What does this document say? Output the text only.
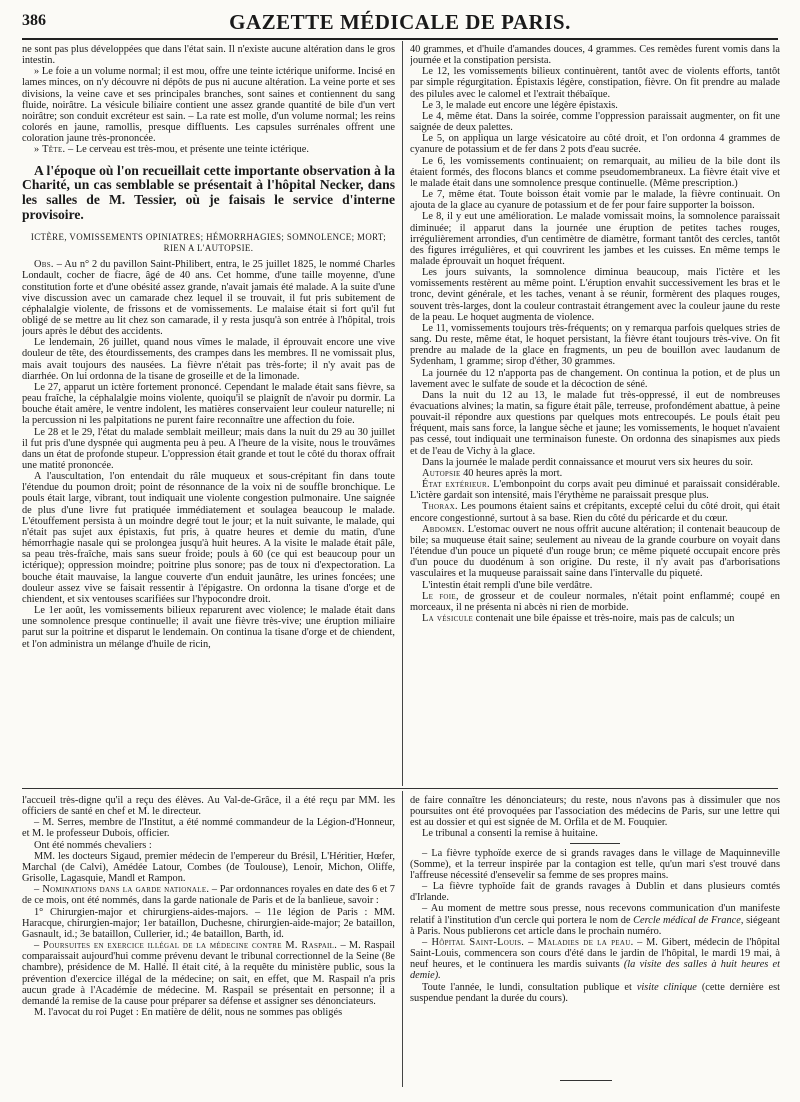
386	GAZETTE MÉDICALE DE PARIS.

ne sont pas plus développées que dans l'état sain. Il n'existe aucune altération dans le gros intestin.

» Le foie a un volume normal; il est mou, offre une teinte ictérique uniforme. Incisé en lames minces, on n'y découvre ni dépôts de pus ni aucune altération. La veine porte et ses divisions, la veine cave et ses principales branches, sont saines et contiennent du sang fluide, noirâtre. La vésicule biliaire contient une assez grande quantité de bile d'un vert noirâtre; son conduit excréteur est sain. – La rate est molle, d'un volume normal; les reins colorés en jaune, ramollis, presque diffluents. Les capsules surrénales offrent une coloration jaune très-prononcée.

» Tête. – Le cerveau est très-mou, et présente une teinte ictérique.

A l'époque où l'on recueillait cette importante observation à la Charité, un cas semblable se présentait à l'hôpital Necker, dans les salles de M. Tessier, où je faisais le service d'interne provisoire.

ICTÈRE, VOMISSEMENTS OPINIATRES; HÉMORRHAGIES; SOMNOLENCE; MORT; RIEN A L'AUTOPSIE.

Obs. – Au n° 2 du pavillon Saint-Philibert, entra, le 25 juillet 1825, le nommé Charles Londault, cocher de fiacre, âgé de 40 ans. Cet homme, d'une taille moyenne, d'une constitution forte et d'une obésité assez grande, n'avait jamais été malade. A la suite d'une vive discussion avec un camarade chez lequel il se trouvait, il fut pris subitement de céphalalgie violente, de frissons et de vomissements. Le malaise était si fort qu'il fut obligé de se mettre au lit chez son camarade, il y resta jusqu'à son entrée à l'hôpital, trois jours après le début des accidents.

Le lendemain, 26 juillet, quand nous vîmes le malade, il éprouvait encore une vive douleur de tête, des étourdissements, des crampes dans les membres. Il ne vomissait plus, mais avait toujours des nausées. La fièvre n'était pas très-forte; il n'y avait pas de diarrhée. On lui ordonna de la tisane de groseille et de la limonade.

Le 27, apparut un ictère fortement prononcé. Cependant le malade était sans fièvre, sa peau fraîche, la céphalalgie moins violente, quoiqu'il se plaignît de n'avoir pu dormir. La bouche était amère, le ventre indolent, les matières conservaient leur couleur naturelle; ni la percussion ni les palpitations ne purent faire reconnaître une affection du foie.

Le 28 et le 29, l'état du malade semblait meilleur; mais dans la nuit du 29 au 30 juillet il fut pris d'une dyspnée qui augmenta peu à peu. A l'heure de la visite, nous le trouvâmes dans un état de profonde stupeur. L'oppression était grande et tout le côté du thorax offrait une matité prononcée.

A l'auscultation, l'on entendait du râle muqueux et sous-crépitant fin dans toute l'étendue du poumon droit; point de résonnance de la voix ni de souffle bronchique. Le pouls était large, vibrant, tout indiquait une violente congestion pulmonaire. Une saignée de plus d'une livre fut pratiquée immédiatement et soulagea beaucoup le malade. L'étouffement persista à un moindre degré tout le jour; et la nuit suivante, le malade, qui n'était pas sujet aux épistaxis, fut pris, à quatre heures et demie du matin, d'une hémorrhagie nasale qui se prolongea jusqu'à huit heures. A la visite le malade était pâle, sa peau très-fraîche, mais sans sueur froide; pouls à 60 (ce qui est beaucoup pour un ictérique); oppression moindre; poitrine plus sonore; pas de toux ni d'expectoration. La bouche était mauvaise, la langue couverte d'un enduit jaunâtre, les urines foncées; une douleur assez vive se faisait ressentir à l'épigastre. On ordonna la tisane d'orge et de chiendent, et six ventouses scarifiées sur l'hypocondre droit.

Le 1er août, les vomissements bilieux reparurent avec violence; le malade était dans une somnolence presque continuelle; il avait une fièvre très-vive; une éruption miliaire parut sur la poitrine et disparut le lendemain. On continua la tisane d'orge et de chiendent, et l'on administra un mélange d'huile de ricin,

40 grammes, et d'huile d'amandes douces, 4 grammes. Ces remèdes furent vomis dans la journée et la constipation persista.

Le 12, les vomissements bilieux continuèrent, tantôt avec de violents efforts, tantôt par simple régurgitation. Épistaxis légère, constipation, fièvre. On fit prendre au malade des pilules avec le calomel et l'extrait thébaïque.

Le 3, le malade eut encore une légère épistaxis.

Le 4, même état. Dans la soirée, comme l'oppression paraissait augmenter, on fit une saignée de deux palettes.

Le 5, on appliqua un large vésicatoire au côté droit, et l'on ordonna 4 grammes de cyanure de potassium et de fer dans 2 pots d'eau sucrée.

Le 6, les vomissements continuaient; on remarquait, au milieu de la bile dont ils étaient formés, des flocons blancs et comme pseudomembraneux. La fièvre était vive et le malade était dans une somnolence presque continuelle. (Même prescription.)

Le 7, même état. Toute boisson était vomie par le malade, la fièvre continuait. On ajouta de la glace au cyanure de potassium et de fer pour faire supporter la boisson.

Le 8, il y eut une amélioration. Le malade vomissait moins, la somnolence paraissait diminuée; il apparut dans la journée une éruption de petites taches rouges, irrégulièrement arrondies, d'un centimètre de diamètre, formant tantôt des cercles, tantôt des figures irrégulières, et qui couvrirent les jambes et les cuisses. En même temps le malade éprouvait un hoquet fréquent.

Les jours suivants, la somnolence diminua beaucoup, mais l'ictère et les vomissements restèrent au même point. L'éruption envahit successivement les bras et le tronc, devint générale, et les taches, venant à se réunir, formèrent des plaques rouges, souvent très-larges, dont la couleur contrastait étrangement avec la couleur jaune du reste de la peau. Le hoquet augmenta de violence.

Le 11, vomissements toujours très-fréquents; on y remarqua parfois quelques stries de sang. Du reste, même état, le hoquet persistant, la fièvre étant toujours très-vive. On fit prendre au malade de la glace en fragments, un peu de bouillon avec laudanum de Sydenham, 1 gramme; sirop d'éther, 30 grammes.

La journée du 12 n'apporta pas de changement. On continua la potion, et de plus un lavement avec le sulfate de soude et la décoction de séné.

Dans la nuit du 12 au 13, le malade fut très-oppressé, il eut de nombreuses évacuations alvines; la matin, sa figure était pâle, terreuse, profondément abattue, à peine pouvait-il répondre aux questions par quelques mots entrecoupés. Le pouls était peu fréquent, mais sans force, la langue sèche et jaune; les vomissements, le hoquet n'avaient pas cessé, tout indiquait une terminaison funeste. On ordonna des sinapismes aux pieds et de l'eau de Vichy à la glace.

Dans la journée le malade perdit connaissance et mourut vers six heures du soir.

Autopsie 40 heures après la mort.

État extérieur. L'embonpoint du corps avait peu diminué et paraissait considérable. L'ictère gardait son intensité, mais l'érythème ne paraissait presque plus.

Thorax. Les poumons étaient sains et crépitants, excepté celui du côté droit, qui était encore congestionné, surtout à sa base. Rien du côté du péricarde et du cœur.

Abdomen. L'estomac ouvert ne nous offrit aucune altération; il contenait beaucoup de bile; sa muqueuse était saine; seulement au niveau de la grande courbure on voyait dans l'étendue d'un pouce un piqueté d'un rouge brun; ce même piqueté occupait encore près d'un pouce du duodénum à son origine. Du reste, il n'y avait pas d'arborisations vasculaires et la muqueuse paraissait saine dans l'intervalle du piqueté.

L'intestin était rempli d'une bile verdâtre.

Le foie, de grosseur et de couleur normales, n'était point enflammé; coupé en morceaux, il ne présenta ni abcès ni rien de morbide.

La vésicule contenait une bile épaisse et très-noire, mais pas de calculs; un

l'accueil très-digne qu'il a reçu des élèves. Au Val-de-Grâce, il a été reçu par MM. les officiers de santé en chef et M. le directeur.

– M. Serres, membre de l'Institut, a été nommé commandeur de la Légion-d'Honneur, et M. le professeur Dubois, officier.

Ont été nommés chevaliers :

MM. les docteurs Sigaud, premier médecin de l'empereur du Brésil, L'Héritier, Hœfer, Marchal (de Calvi), Amédée Latour, Combes (de Toulouse), Lenoir, Michon, Oliffe, Grisolle, Lagasquie, Mandl et Rampon.

– Nominations dans la garde nationale. – Par ordonnances royales en date des 6 et 7 de ce mois, ont été nommés, dans la garde nationale de Paris et de la banlieue, savoir :

1° Chirurgien-major et chirurgiens-aides-majors. – 11e légion de Paris : MM. Haracque, chirurgien-major; 1er bataillon, Duchesne, chirurgien-aide-major; 2e bataillon, Gasnault, id.; 3e bataillon, Cullerier, id.; 4e bataillon, Barth, id.

– Poursuites en exercice illégal de la médecine contre M. Raspail. – M. Raspail comparaissait aujourd'hui comme prévenu devant le tribunal correctionnel de la Seine (8e chambre), présidence de M. Hallé. Il était cité, à la requête du ministère public, sous la prévention d'exercice illégal de la médecine; on sait, en effet, que M. Raspail n'a pris aucun grade à l'Académie de médecine. M. Raspail se présentait en personne; il a demandé la remise de la cause pour préparer sa défense et assigner ses dénonciateurs.

M. l'avocat du roi Puget : En matière de délit, nous ne sommes pas obligés

de faire connaître les dénonciateurs; du reste, nous n'avons pas à dissimuler que nos poursuites ont été provoquées par l'association des médecins de Paris, sur une lettre qui est au dossier et qui est signée de M. Orfila et de M. Fouquier.

Le tribunal a consenti la remise à huitaine.

– La fièvre typhoïde exerce de si grands ravages dans le village de Maquinneville (Somme), et la terreur inspirée par la contagion est telle, qu'un mari s'est trouvé dans l'affreuse nécessité d'ensevelir sa femme de ses propres mains.

– La fièvre typhoïde fait de grands ravages à Dublin et dans plusieurs comtés d'Irlande.

– Au moment de mettre sous presse, nous recevons communication d'un manifeste relatif à l'institution d'un cercle qui portera le nom de Cercle médical de France, siégeant à Paris. Nous publierons cet article dans le prochain numéro.

– Hôpital Saint-Louis. – Maladies de la peau. – M. Gibert, médecin de l'hôpital Saint-Louis, commencera son cours d'été dans le jardin de l'hôpital, le mardi 19 mai, à neuf heures, et le continuera les mardis suivants (la visite des salles à huit heures et demie).

Toute l'année, le lundi, consultation publique et visite clinique (cette dernière est suspendue pendant la durée du cours).
